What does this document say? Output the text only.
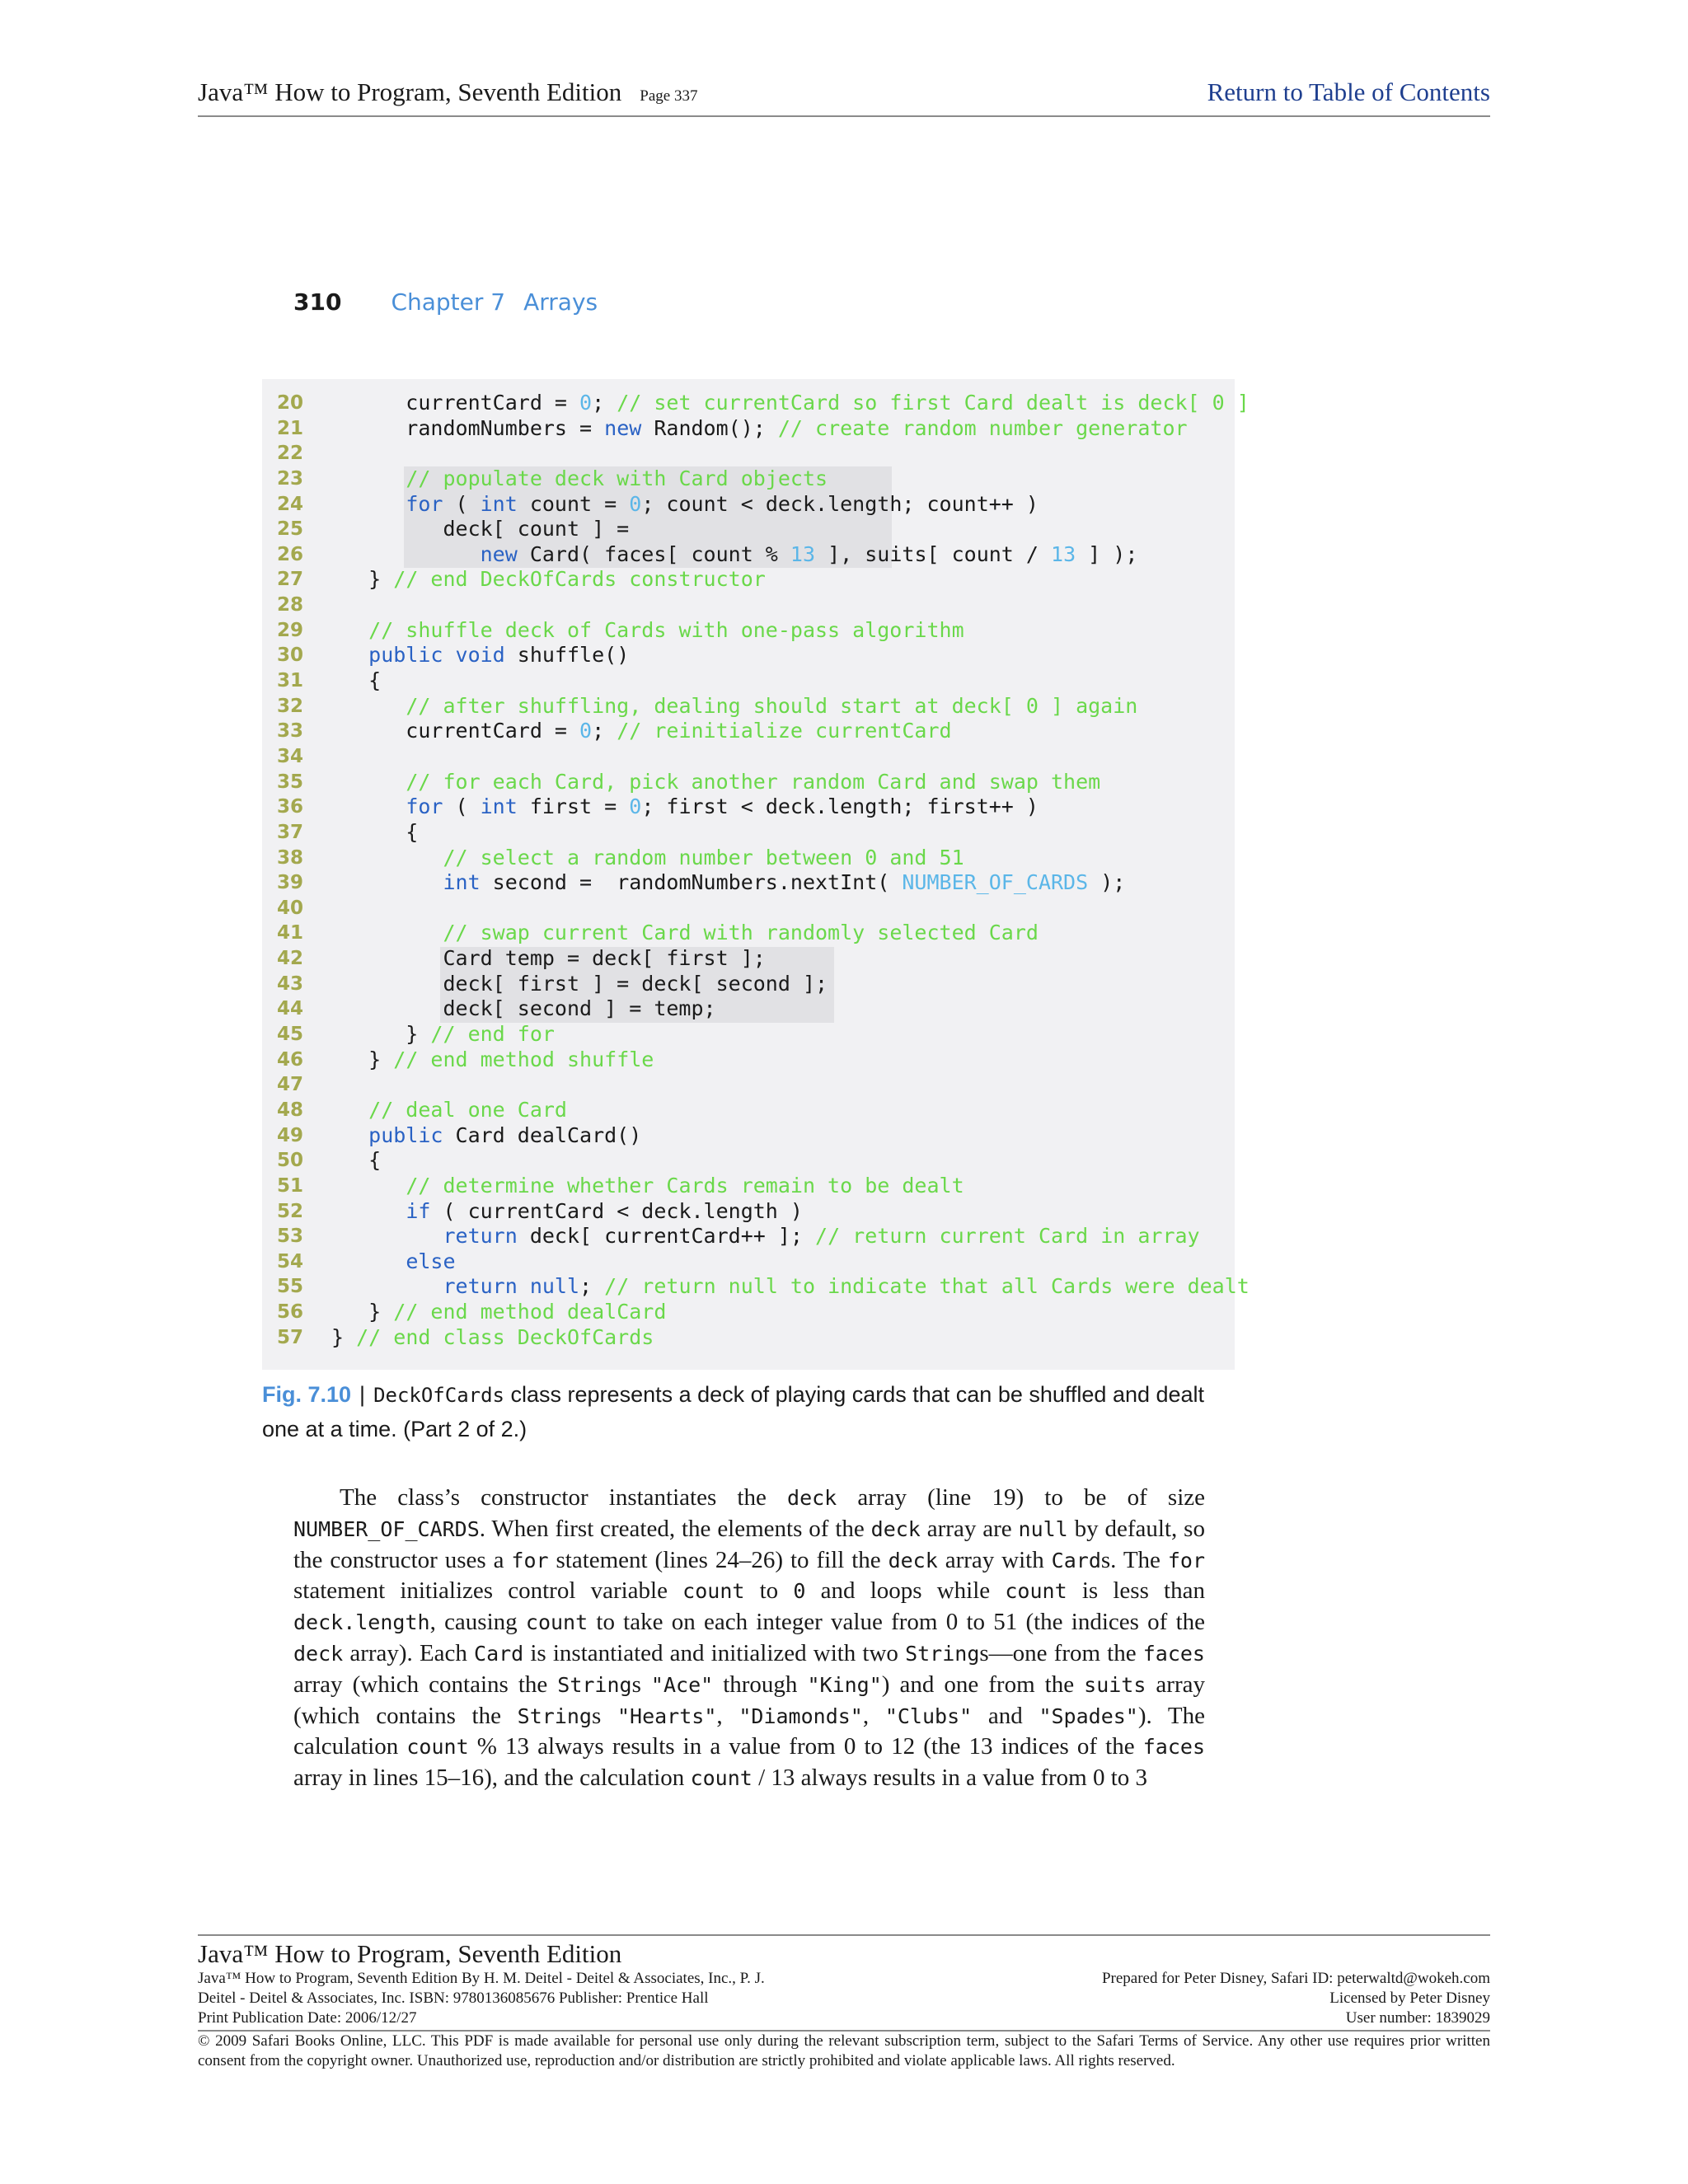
Java™ How to Program, Seventh Edition Page 337	Return to Table of Contents
310 Chapter 7 Arrays
20	currentCard = 0; // set currentCard so first Card dealt is deck[ 0 ]
21	randomNumbers = new Random(); // create random number generator
22
23	// populate deck with Card objects
24	for ( int count = 0; count < deck.length; count++ )
25	deck[ count ] =
26	new Card( faces[ count % 13 ], suits[ count / 13 ] );
27	} // end DeckOfCards constructor
28
29	// shuffle deck of Cards with one-pass algorithm
30	public void shuffle()
31	{
32	// after shuffling, dealing should start at deck[ 0 ] again
33	currentCard = 0; // reinitialize currentCard
34
35	// for each Card, pick another random Card and swap them
36	for ( int first = 0; first < deck.length; first++ )
37	{
38	// select a random number between 0 and 51
39	int second =  randomNumbers.nextInt( NUMBER_OF_CARDS );
40
41	// swap current Card with randomly selected Card
42	Card temp = deck[ first ];
43	deck[ first ] = deck[ second ];
44	deck[ second ] = temp;
45	} // end for
46	} // end method shuffle
47
48	// deal one Card
49	public Card dealCard()
50	{
51	// determine whether Cards remain to be dealt
52	if ( currentCard < deck.length )
53	return deck[ currentCard++ ]; // return current Card in array
54	else
55	return null; // return null to indicate that all Cards were dealt
56	} // end method dealCard
57	} // end class DeckOfCards
Fig. 7.10 | DeckOfCards class represents a deck of playing cards that can be shuffled and dealt one at a time. (Part 2 of 2.)
The class’s constructor instantiates the deck array (line 19) to be of size NUMBER_OF_CARDS. When first created, the elements of the deck array are null by default, so the constructor uses a for statement (lines 24–26) to fill the deck array with Cards. The for statement initializes control variable count to 0 and loops while count is less than deck.length, causing count to take on each integer value from 0 to 51 (the indices of the deck array). Each Card is instantiated and initialized with two Strings—one from the faces array (which contains the Strings "Ace" through "King") and one from the suits array (which contains the Strings "Hearts", "Diamonds", "Clubs" and "Spades"). The calculation count % 13 always results in a value from 0 to 12 (the 13 indices of the faces array in lines 15–16), and the calculation count / 13 always results in a value from 0 to 3
Java™ How to Program, Seventh Edition
Java™ How to Program, Seventh Edition By H. M. Deitel - Deitel & Associates, Inc., P. J.
Deitel - Deitel & Associates, Inc. ISBN: 9780136085676 Publisher: Prentice Hall
Print Publication Date: 2006/12/27
Prepared for Peter Disney, Safari ID: peterwaltd@wokeh.com
Licensed by Peter Disney
User number: 1839029
© 2009 Safari Books Online, LLC. This PDF is made available for personal use only during the relevant subscription term, subject to the Safari Terms of Service. Any other use requires prior written consent from the copyright owner. Unauthorized use, reproduction and/or distribution are strictly prohibited and violate applicable laws. All rights reserved.
